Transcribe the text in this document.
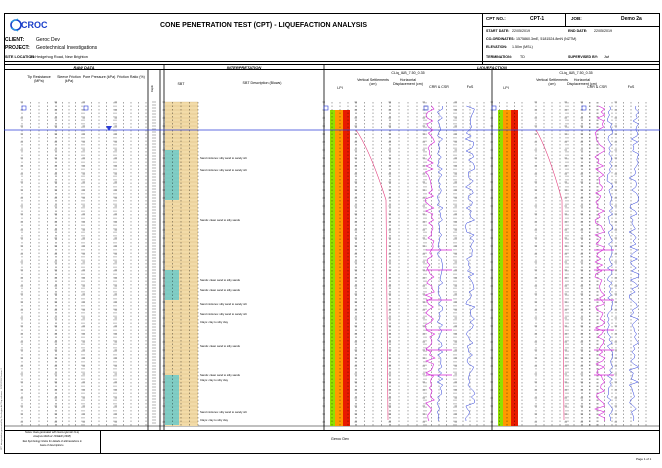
CROC
CLIENT: Geroc Dev
PROJECT: Geotechnical Investigations
SITE LOCATION:
33 Hedgehog Road, New Brighton
CONE PENETRATION TEST (CPT) - LIQUEFACTION ANALYSIS
CPT NO.:	CPT-1	JOB:	Demo 2a
START DATE: 22/05/2019	END DATE: 22/05/2019
CO-ORDINATES: 1575860.3mE, 5181524.8mN (NZTM)
ELEVATION: 1.50m (MSL)
TERMINATION: TD	SUPERVISED BY: Jwl
RAW DATA	INTERPRETATION	LIQUEFACTION
CLiq_I&B_7.50_0.35	CLiq_I&B_7.50_0.35
Tip Resistance (MPa)
Sleeve Friction (kPa)
Pore Pressure (kPa) Friction Ratio (%)
Depth
SBT	SBT Description (Blows)
LPI
Vertical Settlements (cm)
Horizontal Displacement (cm)
CRR & CSR	FoS	LPI
Vertical Settlements (cm)
Horizontal Displacement (cm)
CRR & CSR	FoS
Sand mixtures: silty sand to sandy silt
Sand mixtures: silty sand to sandy silt
Sands: clean sand to silty sands
Sands: clean sand to silty sands
Sands: clean sand to silty sands
Sand mixtures: silty sand to sandy silt
Sand mixtures: silty sand to sandy silt
Clays: clay to silty clay
Sands: clean sand to silty sands
Sands: clean sand to silty sands
Clays: clay to silty clay
Sand mixtures: silty sand to sandy silt
Clays: clay to silty clay
Notes: Data generated with GeoLogismiki CLiq
Analysis Method: NCEER (1998)
See Symbology Notes for details of abbreviations &
basis of descriptions.
Geroc Dev
Page 1 of 1
CPT interpretation generated by GeoLogismiki CLiq software - 22/05/2019 Version 3
